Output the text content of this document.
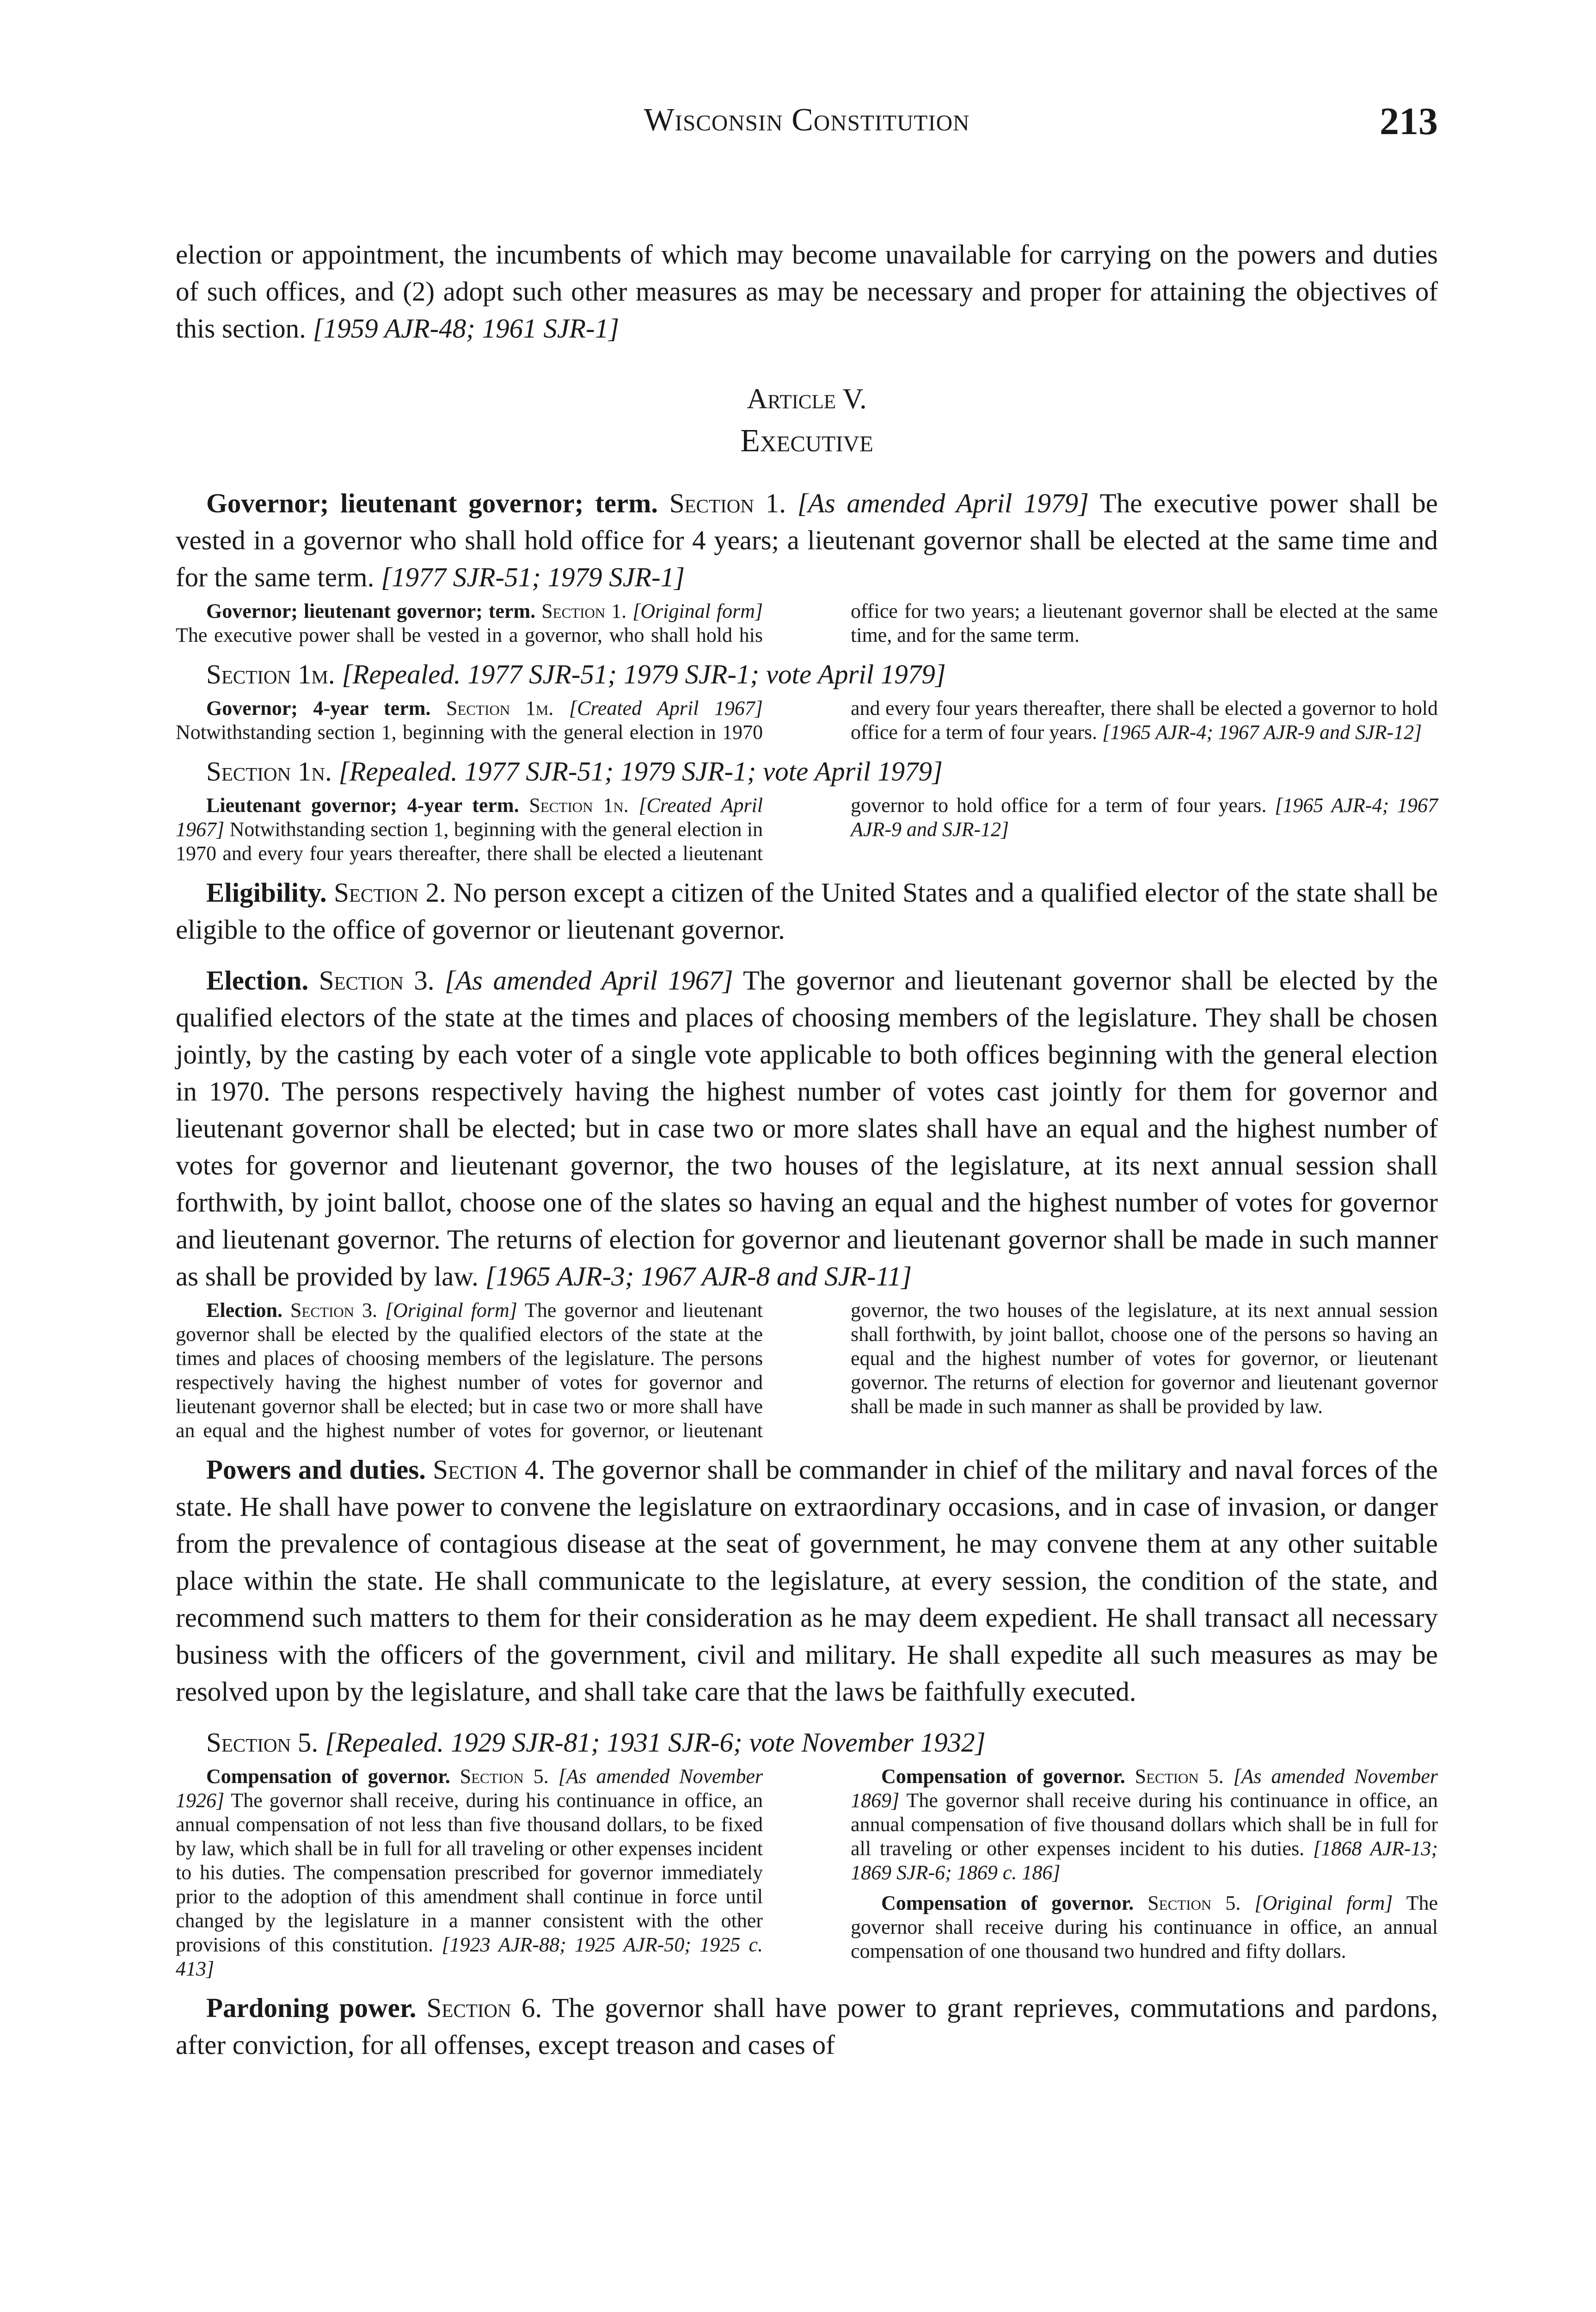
Wisconsin Constitution	213

election or appointment, the incumbents of which may become unavailable for carrying on the powers and duties of such offices, and (2) adopt such other measures as may be necessary and proper for attaining the objectives of this section. [1959 AJR-48; 1961 SJR-1]

Article V.
Executive

Governor; lieutenant governor; term. Section 1. [As amended April 1979] The executive power shall be vested in a governor who shall hold office for 4 years; a lieutenant governor shall be elected at the same time and for the same term. [1977 SJR-51; 1979 SJR-1]

Governor; lieutenant governor; term. Section 1. [Original form] The executive power shall be vested in a governor, who shall hold his office for two years; a lieutenant governor shall be elected at the same time, and for the same term.

Section 1m. [Repealed. 1977 SJR-51; 1979 SJR-1; vote April 1979]

Governor; 4-year term. Section 1m. [Created April 1967] Notwithstanding section 1, beginning with the general election in 1970 and every four years thereafter, there shall be elected a governor to hold office for a term of four years. [1965 AJR-4; 1967 AJR-9 and SJR-12]

Section 1n. [Repealed. 1977 SJR-51; 1979 SJR-1; vote April 1979]

Lieutenant governor; 4-year term. Section 1n. [Created April 1967] Notwithstanding section 1, beginning with the general election in 1970 and every four years thereafter, there shall be elected a lieutenant governor to hold office for a term of four years. [1965 AJR-4; 1967 AJR-9 and SJR-12]

Eligibility. Section 2. No person except a citizen of the United States and a qualified elector of the state shall be eligible to the office of governor or lieutenant governor.

Election. Section 3. [As amended April 1967] The governor and lieutenant governor shall be elected by the qualified electors of the state at the times and places of choosing members of the legislature. They shall be chosen jointly, by the casting by each voter of a single vote applicable to both offices beginning with the general election in 1970. The persons respectively having the highest number of votes cast jointly for them for governor and lieutenant governor shall be elected; but in case two or more slates shall have an equal and the highest number of votes for governor and lieutenant governor, the two houses of the legislature, at its next annual session shall forthwith, by joint ballot, choose one of the slates so having an equal and the highest number of votes for governor and lieutenant governor. The returns of election for governor and lieutenant governor shall be made in such manner as shall be provided by law. [1965 AJR-3; 1967 AJR-8 and SJR-11]

Election. Section 3. [Original form] The governor and lieutenant governor shall be elected by the qualified electors of the state at the times and places of choosing members of the legislature. The persons respectively having the highest number of votes for governor and lieutenant governor shall be elected; but in case two or more shall have an equal and the highest number of votes for governor, or lieutenant governor, the two houses of the legislature, at its next annual session shall forthwith, by joint ballot, choose one of the persons so having an equal and the highest number of votes for governor, or lieutenant governor. The returns of election for governor and lieutenant governor shall be made in such manner as shall be provided by law.

Powers and duties. Section 4. The governor shall be commander in chief of the military and naval forces of the state. He shall have power to convene the legislature on extraordinary occasions, and in case of invasion, or danger from the prevalence of contagious disease at the seat of government, he may convene them at any other suitable place within the state. He shall communicate to the legislature, at every session, the condition of the state, and recommend such matters to them for their consideration as he may deem expedient. He shall transact all necessary business with the officers of the government, civil and military. He shall expedite all such measures as may be resolved upon by the legislature, and shall take care that the laws be faithfully executed.

Section 5. [Repealed. 1929 SJR-81; 1931 SJR-6; vote November 1932]

Compensation of governor. Section 5. [As amended November 1926] The governor shall receive, during his continuance in office, an annual compensation of not less than five thousand dollars, to be fixed by law, which shall be in full for all traveling or other expenses incident to his duties. The compensation prescribed for governor immediately prior to the adoption of this amendment shall continue in force until changed by the legislature in a manner consistent with the other provisions of this constitution. [1923 AJR-88; 1925 AJR-50; 1925 c. 413]

Compensation of governor. Section 5. [As amended November 1869] The governor shall receive during his continuance in office, an annual compensation of five thousand dollars which shall be in full for all traveling or other expenses incident to his duties. [1868 AJR-13; 1869 SJR-6; 1869 c. 186]

Compensation of governor. Section 5. [Original form] The governor shall receive during his continuance in office, an annual compensation of one thousand two hundred and fifty dollars.

Pardoning power. Section 6. The governor shall have power to grant reprieves, commutations and pardons, after conviction, for all offenses, except treason and cases of
